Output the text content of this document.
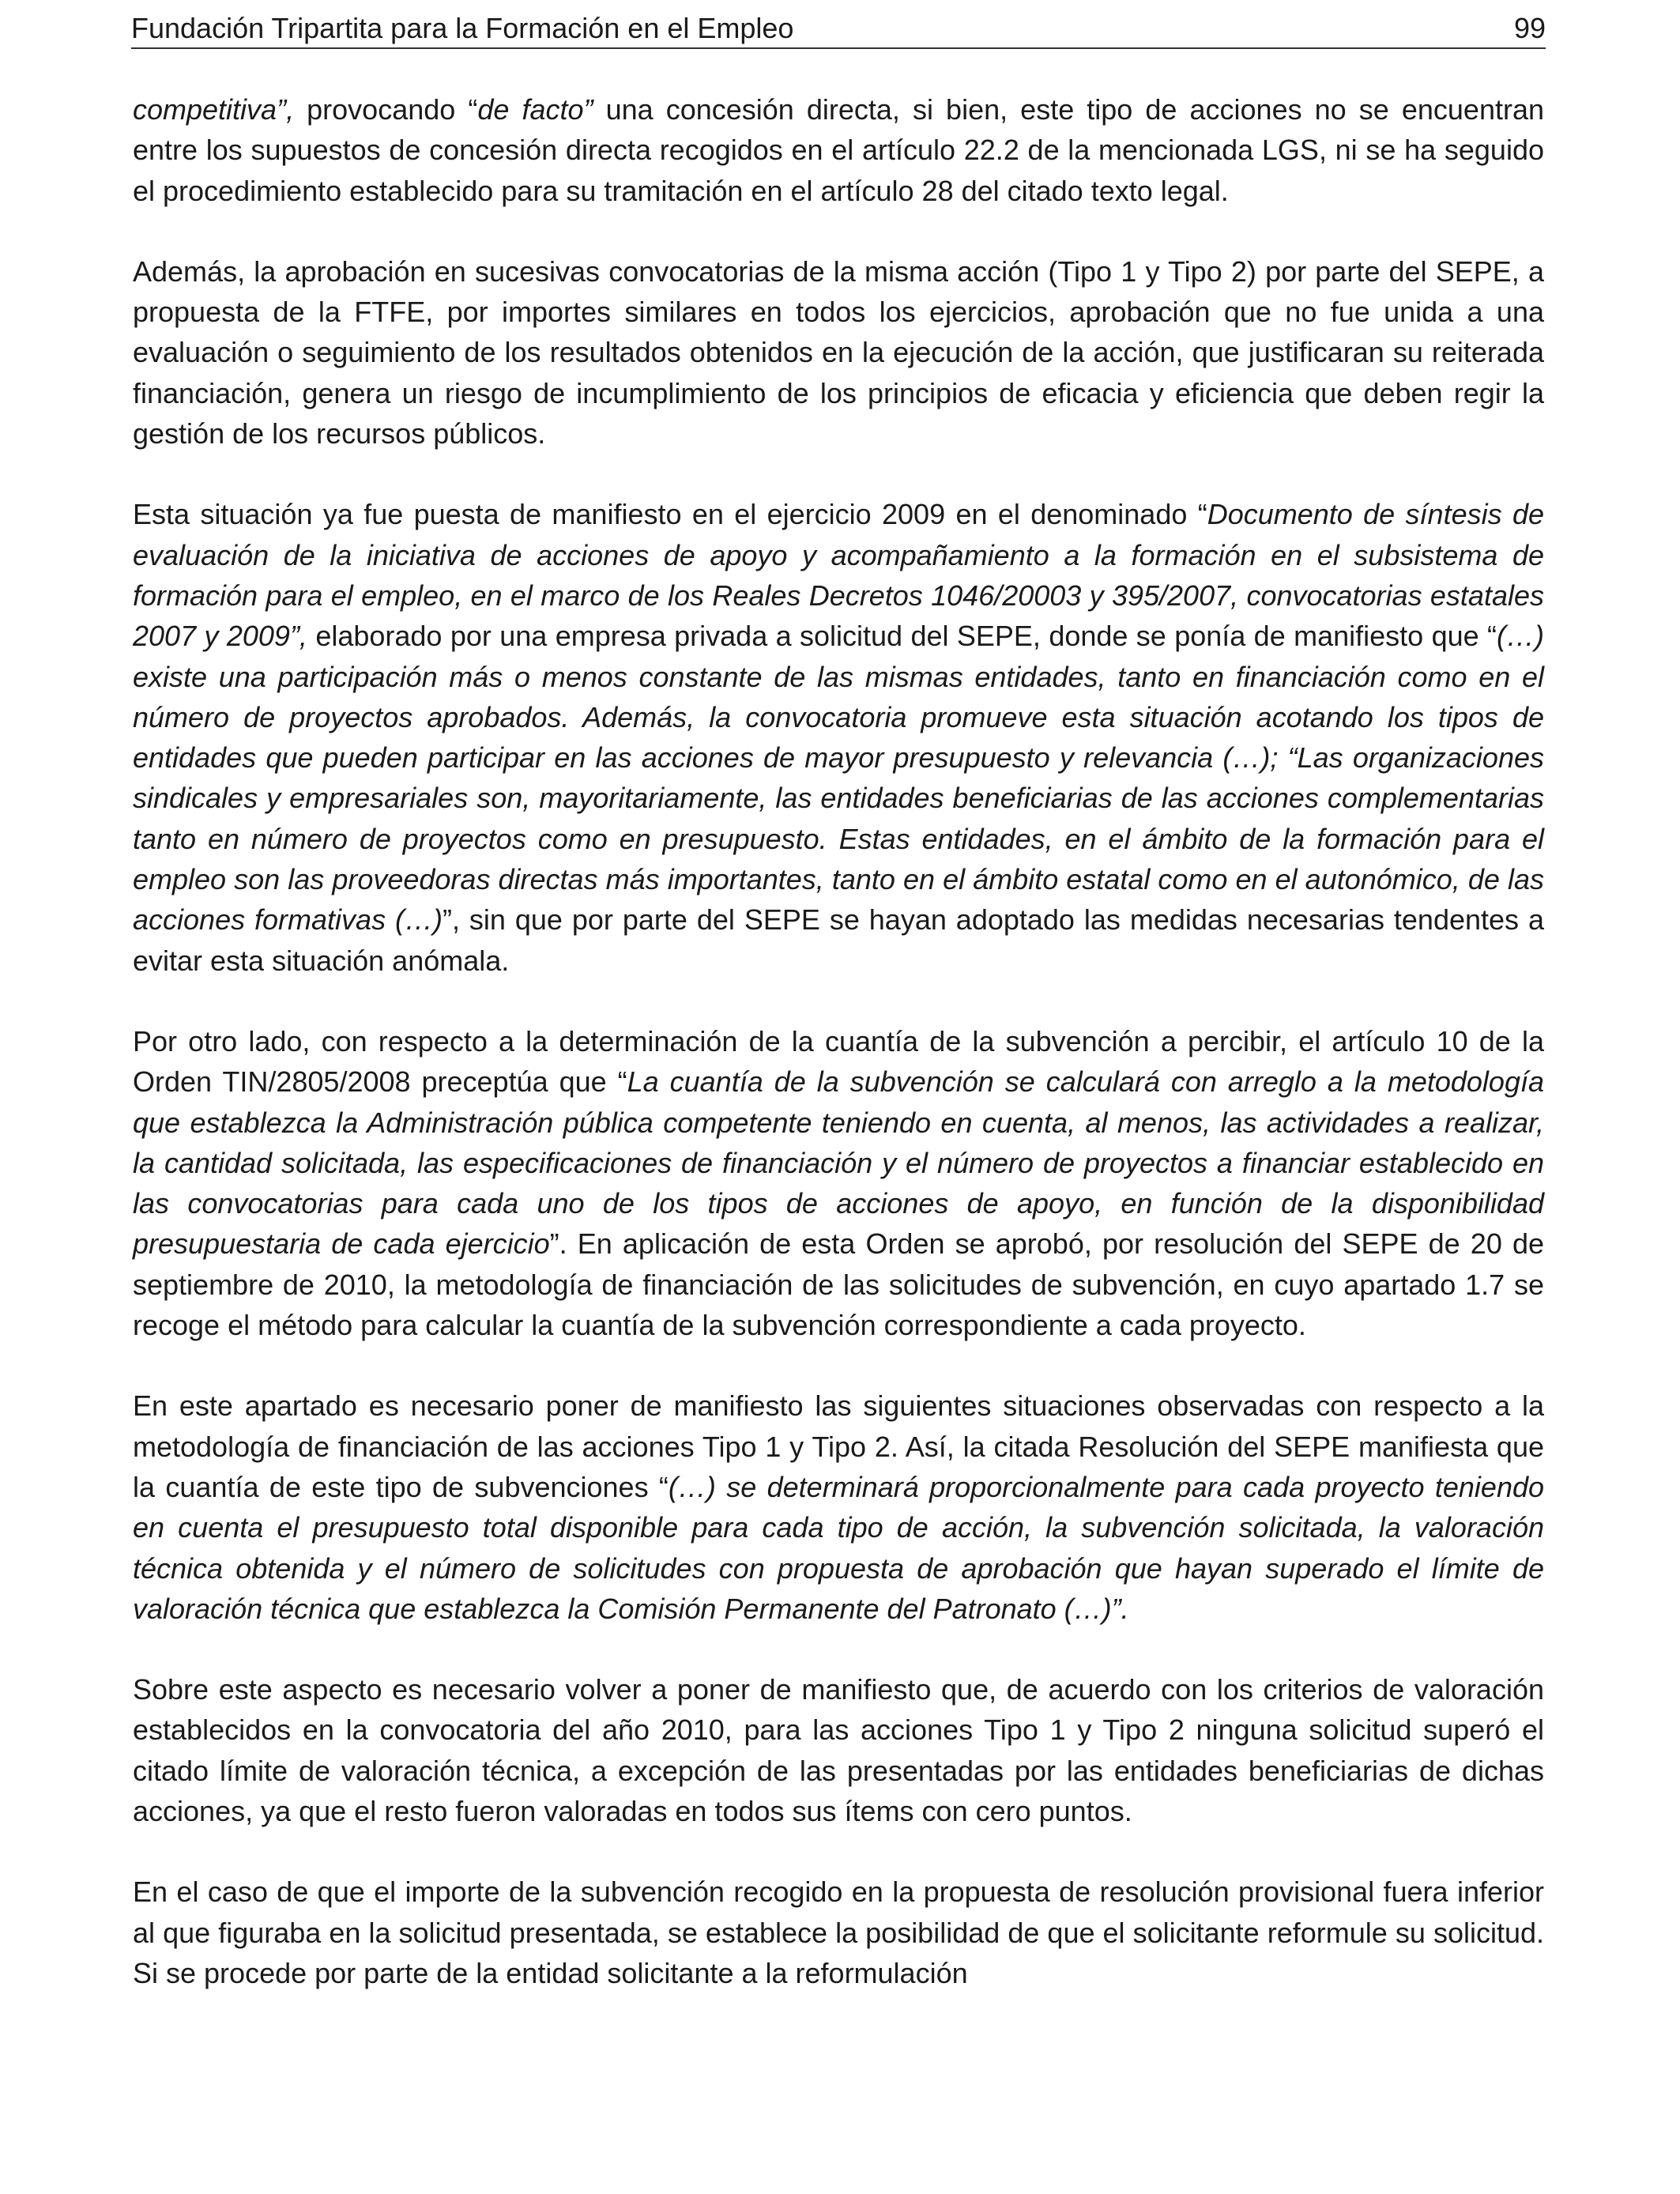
Fundación Tripartita para la Formación en el Empleo	99

competitiva”, provocando “de facto” una concesión directa, si bien, este tipo de acciones no se encuentran entre los supuestos de concesión directa recogidos en el artículo 22.2 de la mencionada LGS, ni se ha seguido el procedimiento establecido para su tramitación en el artículo 28 del citado texto legal.

Además, la aprobación en sucesivas convocatorias de la misma acción (Tipo 1 y Tipo 2) por parte del SEPE, a propuesta de la FTFE, por importes similares en todos los ejercicios, aprobación que no fue unida a una evaluación o seguimiento de los resultados obtenidos en la ejecución de la acción, que justificaran su reiterada financiación, genera un riesgo de incumplimiento de los principios de eficacia y eficiencia que deben regir la gestión de los recursos públicos.

Esta situación ya fue puesta de manifiesto en el ejercicio 2009 en el denominado “Documento de síntesis de evaluación de la iniciativa de acciones de apoyo y acompañamiento a la formación en el subsistema de formación para el empleo, en el marco de los Reales Decretos 1046/20003 y 395/2007, convocatorias estatales 2007 y 2009”, elaborado por una empresa privada a solicitud del SEPE, donde se ponía de manifiesto que “(…) existe una participación más o menos constante de las mismas entidades, tanto en financiación como en el número de proyectos aprobados. Además, la convocatoria promueve esta situación acotando los tipos de entidades que pueden participar en las acciones de mayor presupuesto y relevancia (…); “Las organizaciones sindicales y empresariales son, mayoritariamente, las entidades beneficiarias de las acciones complementarias tanto en número de proyectos como en presupuesto. Estas entidades, en el ámbito de la formación para el empleo son las proveedoras directas más importantes, tanto en el ámbito estatal como en el autonómico, de las acciones formativas (…)”, sin que por parte del SEPE se hayan adoptado las medidas necesarias tendentes a evitar esta situación anómala.

Por otro lado, con respecto a la determinación de la cuantía de la subvención a percibir, el artículo 10 de la Orden TIN/2805/2008 preceptúa que “La cuantía de la subvención se calculará con arreglo a la metodología que establezca la Administración pública competente teniendo en cuenta, al menos, las actividades a realizar, la cantidad solicitada, las especificaciones de financiación y el número de proyectos a financiar establecido en las convocatorias para cada uno de los tipos de acciones de apoyo, en función de la disponibilidad presupuestaria de cada ejercicio”. En aplicación de esta Orden se aprobó, por resolución del SEPE de 20 de septiembre de 2010, la metodología de financiación de las solicitudes de subvención, en cuyo apartado 1.7 se recoge el método para calcular la cuantía de la subvención correspondiente a cada proyecto.

En este apartado es necesario poner de manifiesto las siguientes situaciones observadas con respecto a la metodología de financiación de las acciones Tipo 1 y Tipo 2. Así, la citada Resolución del SEPE manifiesta que la cuantía de este tipo de subvenciones “(…) se determinará proporcionalmente para cada proyecto teniendo en cuenta el presupuesto total disponible para cada tipo de acción, la subvención solicitada, la valoración técnica obtenida y el número de solicitudes con propuesta de aprobación que hayan superado el límite de valoración técnica que establezca la Comisión Permanente del Patronato (…)”.

Sobre este aspecto es necesario volver a poner de manifiesto que, de acuerdo con los criterios de valoración establecidos en la convocatoria del año 2010, para las acciones Tipo 1 y Tipo 2 ninguna solicitud superó el citado límite de valoración técnica, a excepción de las presentadas por las entidades beneficiarias de dichas acciones, ya que el resto fueron valoradas en todos sus ítems con cero puntos.

En el caso de que el importe de la subvención recogido en la propuesta de resolución provisional fuera inferior al que figuraba en la solicitud presentada, se establece la posibilidad de que el solicitante reformule su solicitud. Si se procede por parte de la entidad solicitante a la reformulación
